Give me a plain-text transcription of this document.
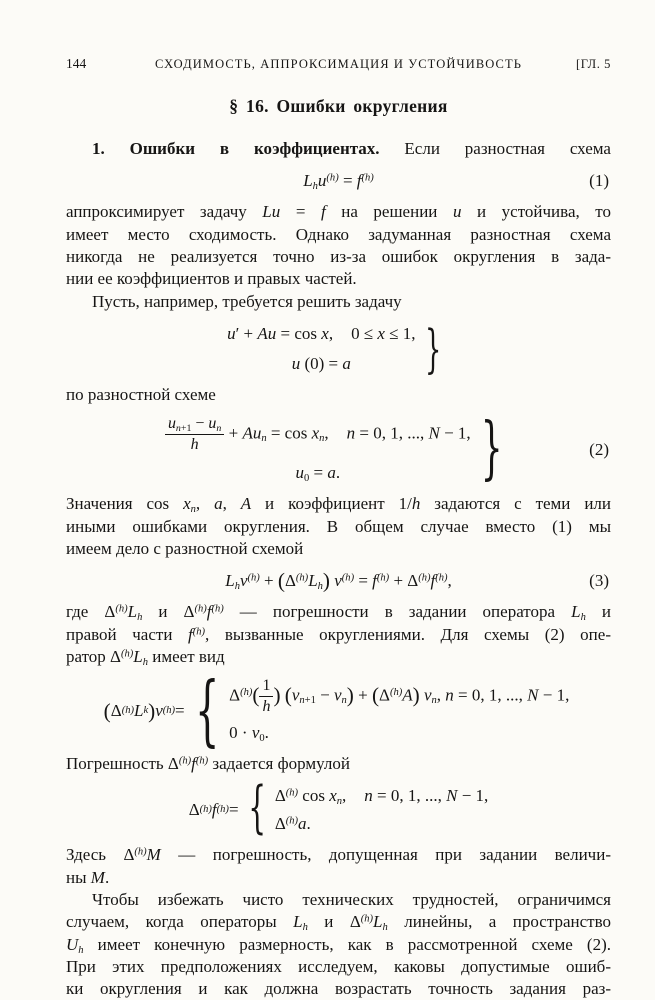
144	СХОДИМОСТЬ, АППРОКСИМАЦИЯ И УСТОЙЧИВОСТЬ	[ГЛ. 5
§ 16. Ошибки округления
1. Ошибки в коэффициентах. Если разностная схема
$Lhu^{(h)} = f^{(h)}$	(1)
аппроксимирует задачу Lu = f на решении u и устойчива, то
имеет место сходимость. Однако задуманная разностная схема
никогда не реализуется точно из-за ошибок округления в зада-
нии ее коэффициентов и правых частей.
Пусть, например, требуется решить задачу
u′ + Au = cos x, 0 ≤ x ≤ 1,
u (0) = a }
по разностной схеме
$\frac{un+1 - un}{h}$ + Aun = cos xn, n = 0, 1, ..., N − 1,
u0 = a.	}	(2)
Значения cos xn, a, A и коэффициент 1/h задаются с теми или
иными ошибками округления. В общем случае вместо (1) мы
имеем дело с разностной схемой
$Lhv^{(h)} + (\Delta^{(h)}Lh) v^{(h)} = f^{(h)} + \Delta^{(h)}f^{(h)}$,	(3)
где $\Delta^{(h)}Lh$ и $\Delta^{(h)}f^{(h)}$ — погрешности в задании оператора Lh и
правой части $f^{(h)}$, вызванные округлениями. Для схемы (2) опе-
ратор $\Delta^{(h)}Lh$ имеет вид
( Δ (h) L k ) v (h) = { $\Delta^{(h)}( \frac{1}{h}$ ) $(vn+1 - vn) + (\Delta^{(h)}A)$ vn, n = 0, 1, ..., N − 1,
0 · v0.
Погрешность $\Delta^{(h)}f^{(h)}$ задается формулой
Δ (h) f (h) = { $\Delta^{(h)}$ cos xn, n = 0, 1, ..., N − 1,
$\Delta^{(h)}a$.
Здесь $\Delta^{(h)}M$ — погрешность, допущенная при задании величи-
ны M.
Чтобы избежать чисто технических трудностей, ограничимся
случаем, когда операторы Lh и $\Delta^{(h)}Lh$ линейны, а пространство
Uh имеет конечную размерность, как в рассмотренной схеме (2).
При этих предположениях исследуем, каковы допустимые ошиб-
ки округления и как должна возрастать точность задания раз-
